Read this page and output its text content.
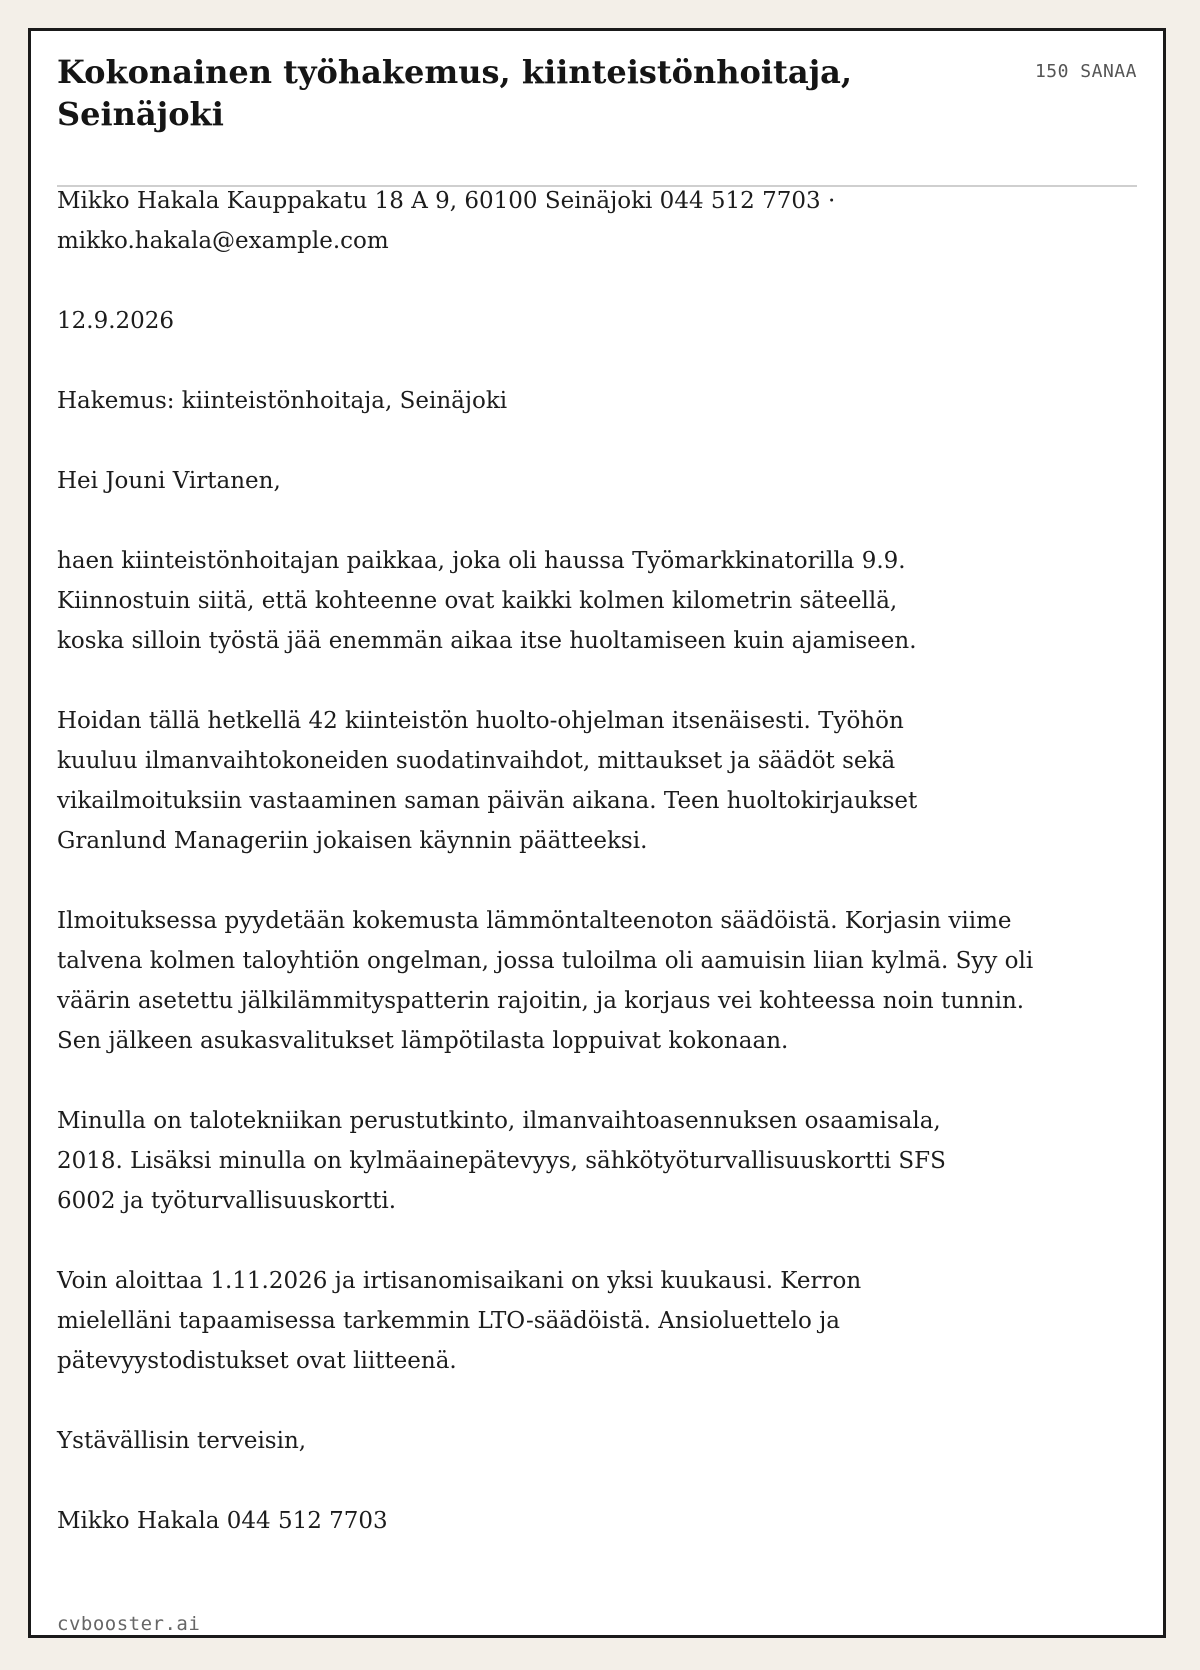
Kokonainen työhakemus, kiinteistönhoitaja, Seinäjoki
150 SANAA

Mikko Hakala Kauppakatu 18 A 9, 60100 Seinäjoki 044 512 7703 · mikko.hakala@example.com

12.9.2026

Hakemus: kiinteistönhoitaja, Seinäjoki

Hei Jouni Virtanen,

haen kiinteistönhoitajan paikkaa, joka oli haussa Työmarkkinatorilla 9.9. Kiinnostuin siitä, että kohteenne ovat kaikki kolmen kilometrin säteellä, koska silloin työstä jää enemmän aikaa itse huoltamiseen kuin ajamiseen.

Hoidan tällä hetkellä 42 kiinteistön huolto-ohjelman itsenäisesti. Työhön kuuluu ilmanvaihtokoneiden suodatinvaihdot, mittaukset ja säädöt sekä vikailmoituksiin vastaaminen saman päivän aikana. Teen huoltokirjaukset Granlund Manageriin jokaisen käynnin päätteeksi.

Ilmoituksessa pyydetään kokemusta lämmöntalteenoton säädöistä. Korjasin viime talvena kolmen taloyhtiön ongelman, jossa tuloilma oli aamuisin liian kylmä. Syy oli väärin asetettu jälkilämmityspatterin rajoitin, ja korjaus vei kohteessa noin tunnin. Sen jälkeen asukasvalitukset lämpötilasta loppuivat kokonaan.

Minulla on talotekniikan perustutkinto, ilmanvaihtoasennuksen osaamisala, 2018. Lisäksi minulla on kylmäainepätevyys, sähkötyöturvallisuuskortti SFS 6002 ja työturvallisuuskortti.

Voin aloittaa 1.11.2026 ja irtisanomisaikani on yksi kuukausi. Kerron mielelläni tapaamisessa tarkemmin LTO-säädöistä. Ansioluettelo ja pätevyystodistukset ovat liitteenä.

Ystävällisin terveisin,

Mikko Hakala 044 512 7703

cvbooster.ai
